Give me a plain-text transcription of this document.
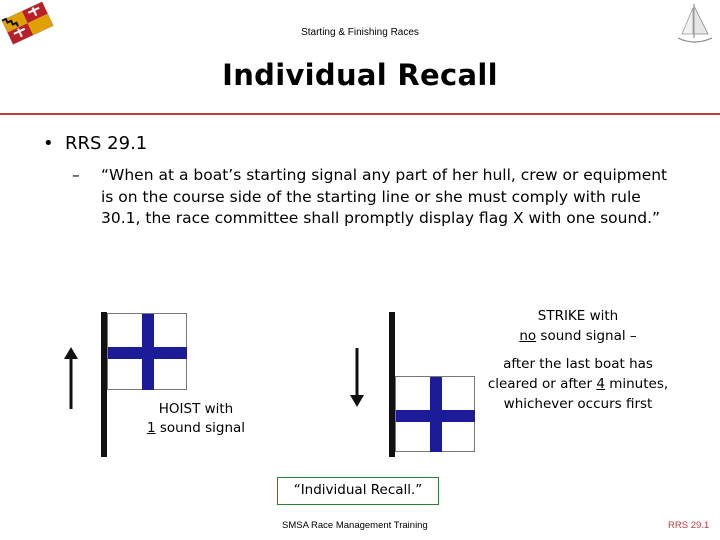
Starting & Finishing Races
Individual Recall
• RRS 29.1
–	“When at a boat’s starting signal any part of her hull, crew or equipment is on the course side of the starting line or she must comply with rule 30.1, the race committee shall promptly display flag X with one sound.”
HOIST with
1 sound signal
STRIKE with
no sound signal –
after the last boat has
cleared or after 4 minutes,
whichever occurs first
“Individual Recall.”
SMSA Race Management Training	RRS 29.1
